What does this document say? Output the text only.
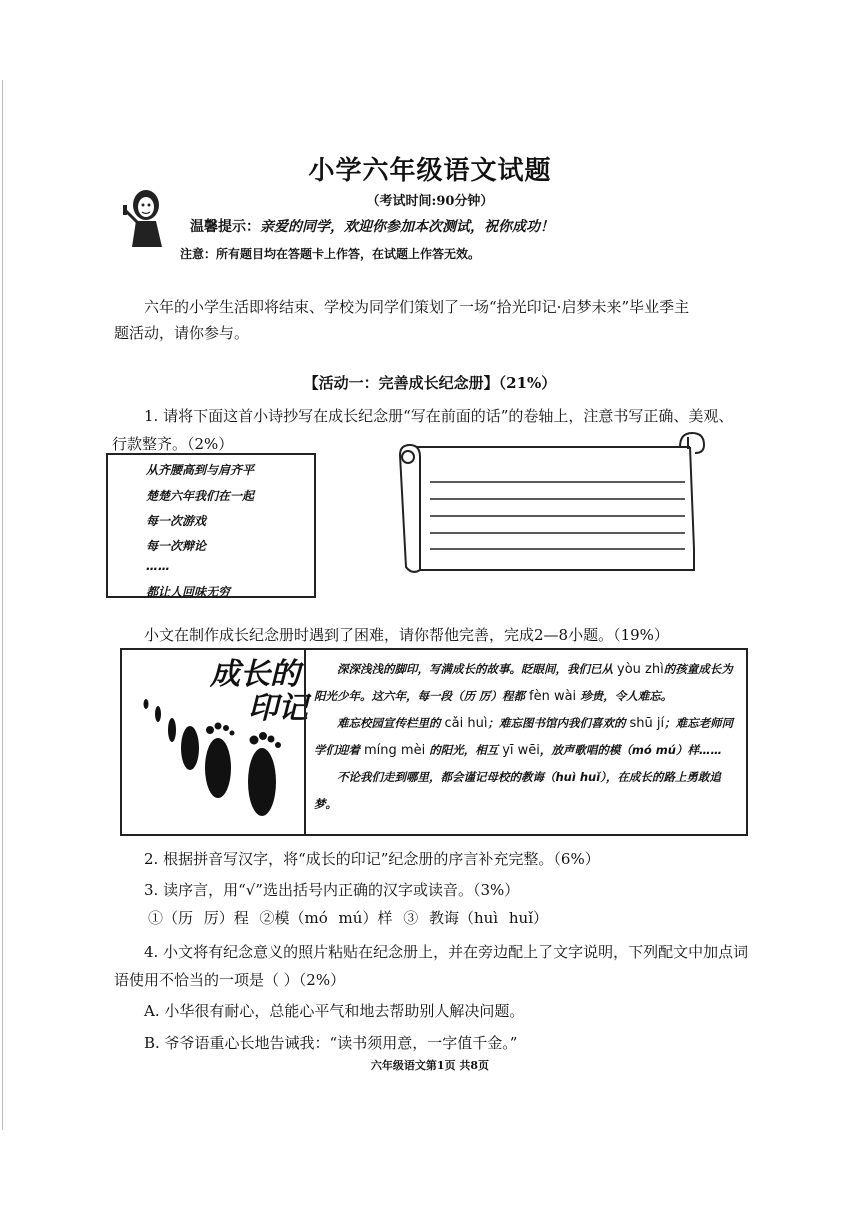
小学六年级语文试题
（考试时间:90分钟）
温馨提示：亲爱的同学，欢迎你参加本次测试，祝你成功！
注意：所有题目均在答题卡上作答，在试题上作答无效。
六年的小学生活即将结束、学校为同学们策划了一场“拾光印记·启梦未来”毕业季主
题活动，请你参与。
【活动一：完善成长纪念册】（21%）
1. 请将下面这首小诗抄写在成长纪念册“写在前面的话”的卷轴上，注意书写正确、美观、
行款整齐。（2%）
从齐腰高到与肩齐平
楚楚六年我们在一起
每一次游戏
每一次辩论
……
都让人回味无穷
小文在制作成长纪念册时遇到了困难，请你帮他完善，完成2—8小题。（19%）
成长的
印记

深深浅浅的脚印，写满成长的故事。眨眼间，我们已从 yòu zhì的孩童成长为阳光少年。这六年，每一段（历 厉）程都 fèn wài 珍贵，令人难忘。

难忘校园宣传栏里的 cǎi huì；难忘图书馆内我们喜欢的 shū jí；难忘老师同学们迎着 míng mèi 的阳光，相互 yī wēi，放声歌唱的模（mó mú）样……

不论我们走到哪里，都会谨记母校的教诲（huì huǐ），在成长的路上勇敢追梦。

2. 根据拼音写汉字，将“成长的印记”纪念册的序言补充完整。（6%）
3. 读序言，用“√”选出括号内正确的汉字或读音。（3%）
①（历 厉）程 ②模（mó mú）样 ③ 教诲（huì huǐ）
4. 小文将有纪念意义的照片粘贴在纪念册上，并在旁边配上了文字说明，下列配文中加点词
语使用不恰当的一项是（ ）（2%）
A. 小华很有耐心，总能心平气和地去帮助别人解决问题。
B. 爷爷语重心长地告诫我：“读书须用意，一字值千金。”
六年级语文第1页 共8页
